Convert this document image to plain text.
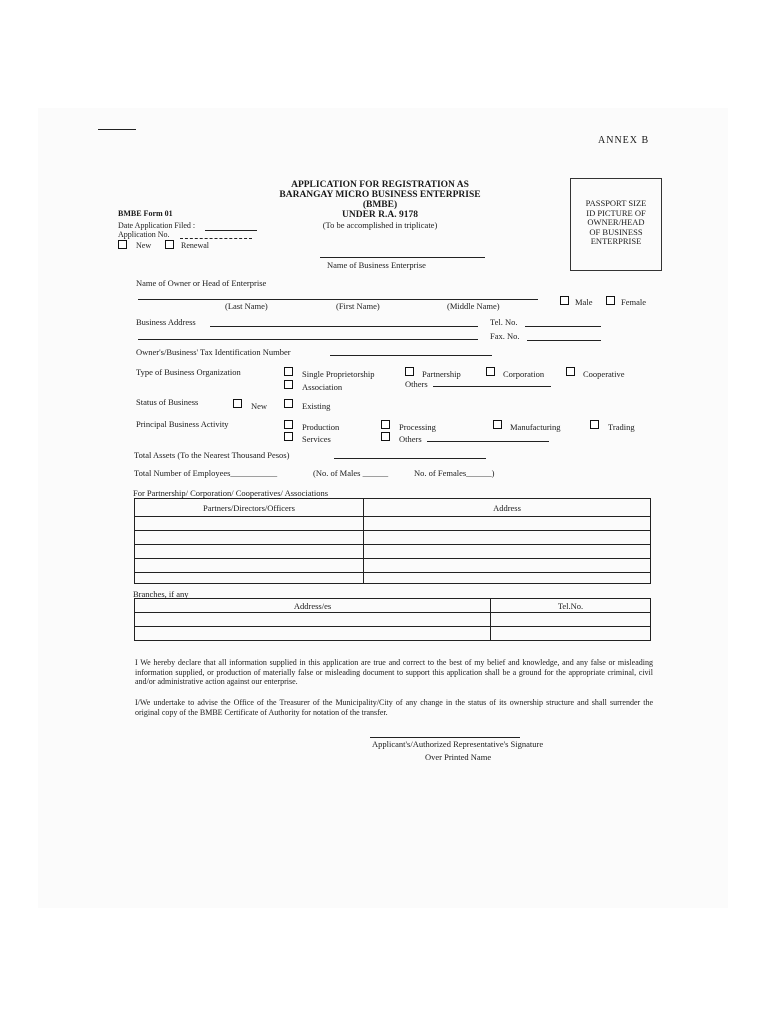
ANNEX B
APPLICATION FOR REGISTRATION AS
BARANGAY MICRO BUSINESS ENTERPRISE
(BMBE)
UNDER R.A. 9178
(To be accomplished in triplicate)
PASSPORT SIZE
ID PICTURE OF
OWNER/HEAD
OF BUSINESS
ENTERPRISE
BMBE Form 01
Date Application Filed :
Application No.
New	Renewal
Name of Business Enterprise
Name of Owner or Head of Enterprise
(Last Name)	(First Name)	(Middle Name)	Male	Female
Business Address	Tel. No.
Fax. No.
Owner's/Business' Tax Identification Number
Type of Business Organization	Single Proprietorship
Association
Partnership	Corporation	Cooperative
Others
Status of Business	New	Existing
Principal Business Activity	Production
Services
Processing
Others
Manufacturing	Trading
Total Assets (To the Nearest Thousand Pesos)
Total Number of Employees___________	(No. of Males ______	No. of Females______)
For Partnership/ Corporation/ Cooperatives/ Associations
Partners/Directors/Officers	Address

Branches, if any
Address/es	Tel.No.

I We hereby declare that all information supplied in this application are true and correct to the best of my belief and knowledge, and any false or misleading information supplied, or production of materially false or misleading document to support this application shall be a ground for the appropriate criminal, civil and/or administrative action against our enterprise.
I/We undertake to advise the Office of the Treasurer of the Municipality/City of any change in the status of its ownership structure and shall surrender the original copy of the BMBE Certificate of Authority for notation of the transfer.
Applicant's/Authorized Representative's Signature
Over Printed Name
